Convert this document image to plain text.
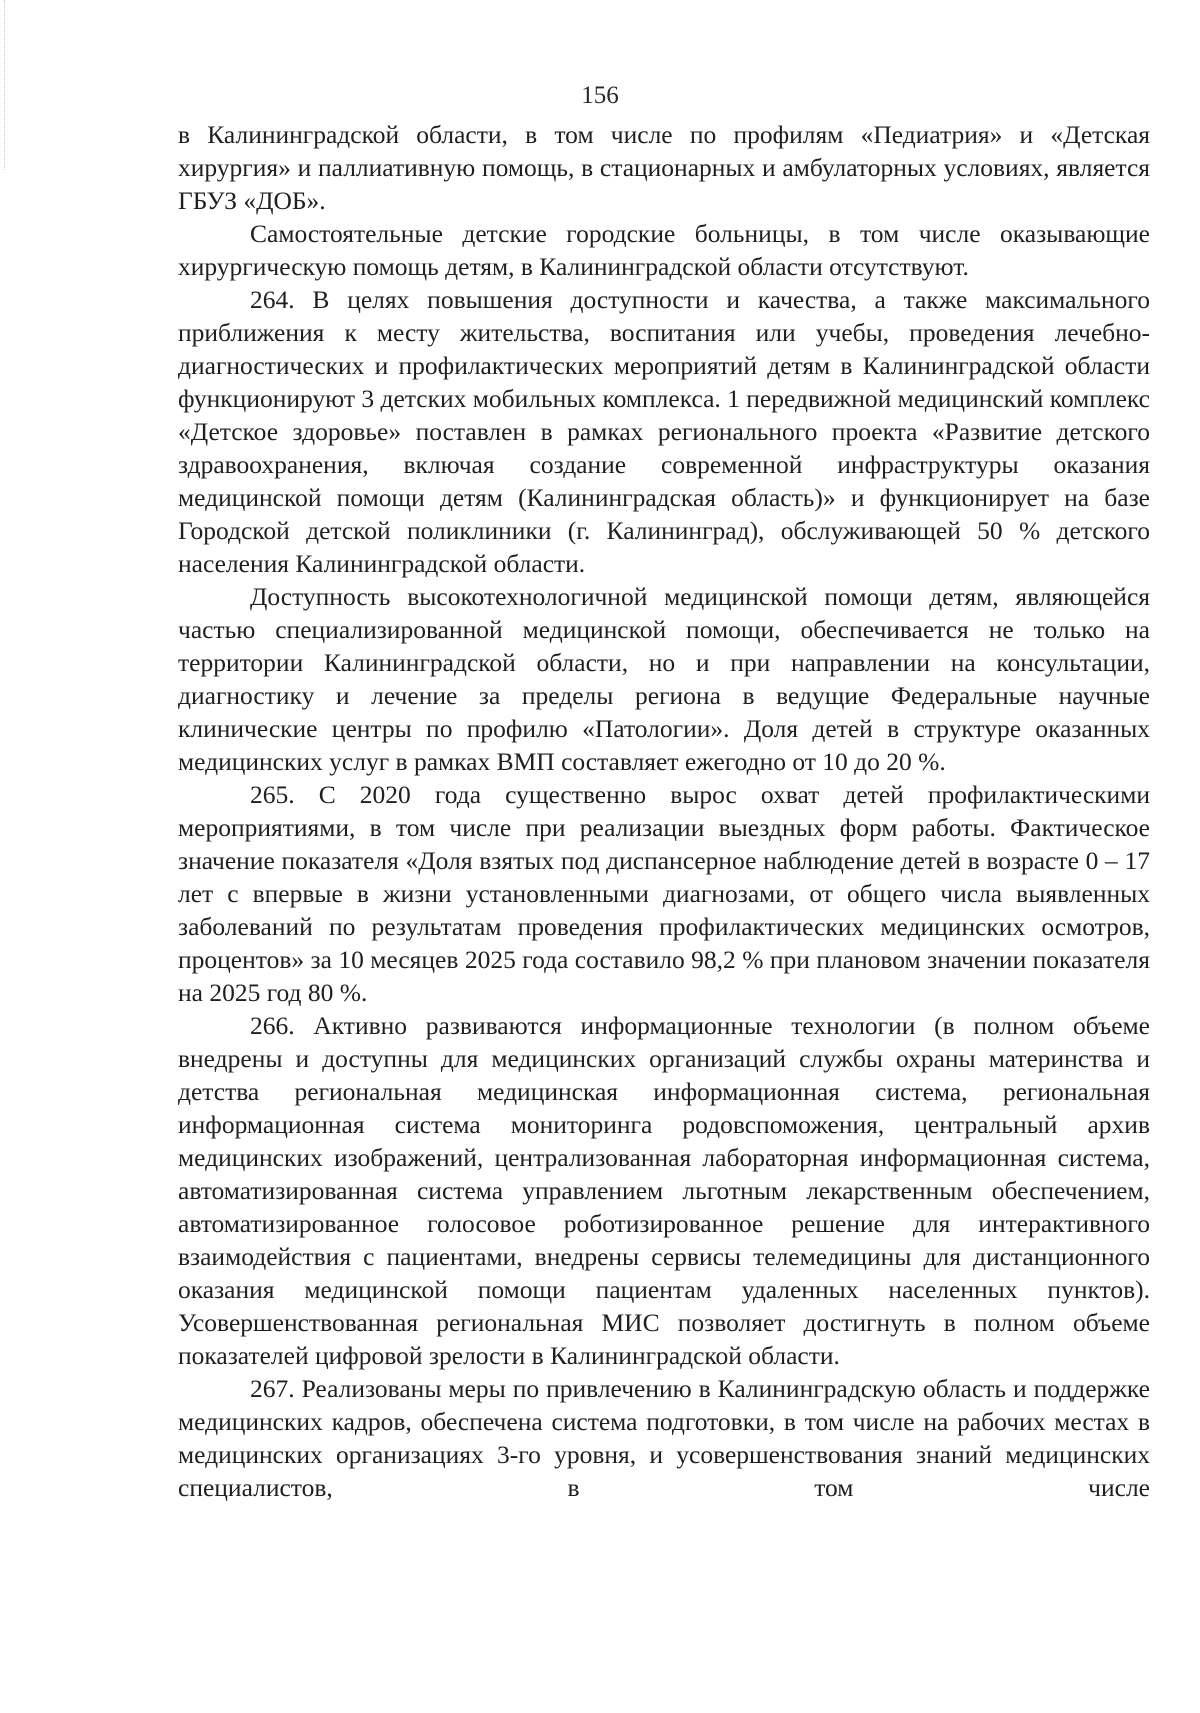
156

в Калининградской области, в том числе по профилям «Педиатрия» и «Детская хирургия» и паллиативную помощь, в стационарных и амбулаторных условиях, является ГБУЗ «ДОБ».

Самостоятельные детские городские больницы, в том числе оказывающие хирургическую помощь детям, в Калининградской области отсутствуют.

264. В целях повышения доступности и качества, а также максимального приближения к месту жительства, воспитания или учебы, проведения лечебно-диагностических и профилактических мероприятий детям в Калининградской области функционируют 3 детских мобильных комплекса. 1 передвижной медицинский комплекс «Детское здоровье» поставлен в рамках регионального проекта «Развитие детского здравоохранения, включая создание современной инфраструктуры оказания медицинской помощи детям (Калининградская область)» и функционирует на базе Городской детской поликлиники (г. Калининград), обслуживающей 50 % детского населения Калининградской области.

Доступность высокотехнологичной медицинской помощи детям, являющейся частью специализированной медицинской помощи, обеспечивается не только на территории Калининградской области, но и при направлении на консультации, диагностику и лечение за пределы региона в ведущие Федеральные научные клинические центры по профилю «Патологии». Доля детей в структуре оказанных медицинских услуг в рамках ВМП составляет ежегодно от 10 до 20 %.

265. С 2020 года существенно вырос охват детей профилактическими мероприятиями, в том числе при реализации выездных форм работы. Фактическое значение показателя «Доля взятых под диспансерное наблюдение детей в возрасте 0 – 17 лет с впервые в жизни установленными диагнозами, от общего числа выявленных заболеваний по результатам проведения профилактических медицинских осмотров, процентов» за 10 месяцев 2025 года составило 98,2 % при плановом значении показателя на 2025 год 80 %.

266. Активно развиваются информационные технологии (в полном объеме внедрены и доступны для медицинских организаций службы охраны материнства и детства региональная медицинская информационная система, региональная информационная система мониторинга родовспоможения, центральный архив медицинских изображений, централизованная лабораторная информационная система, автоматизированная система управлением льготным лекарственным обеспечением, автоматизированное голосовое роботизированное решение для интерактивного взаимодействия с пациентами, внедрены сервисы телемедицины для дистанционного оказания медицинской помощи пациентам удаленных населенных пунктов). Усовершенствованная региональная МИС позволяет достигнуть в полном объеме показателей цифровой зрелости в Калининградской области.

267. Реализованы меры по привлечению в Калининградскую область и поддержке медицинских кадров, обеспечена система подготовки, в том числе на рабочих местах в медицинских организациях 3-го уровня, и усовершенствования знаний медицинских специалистов, в том числе
